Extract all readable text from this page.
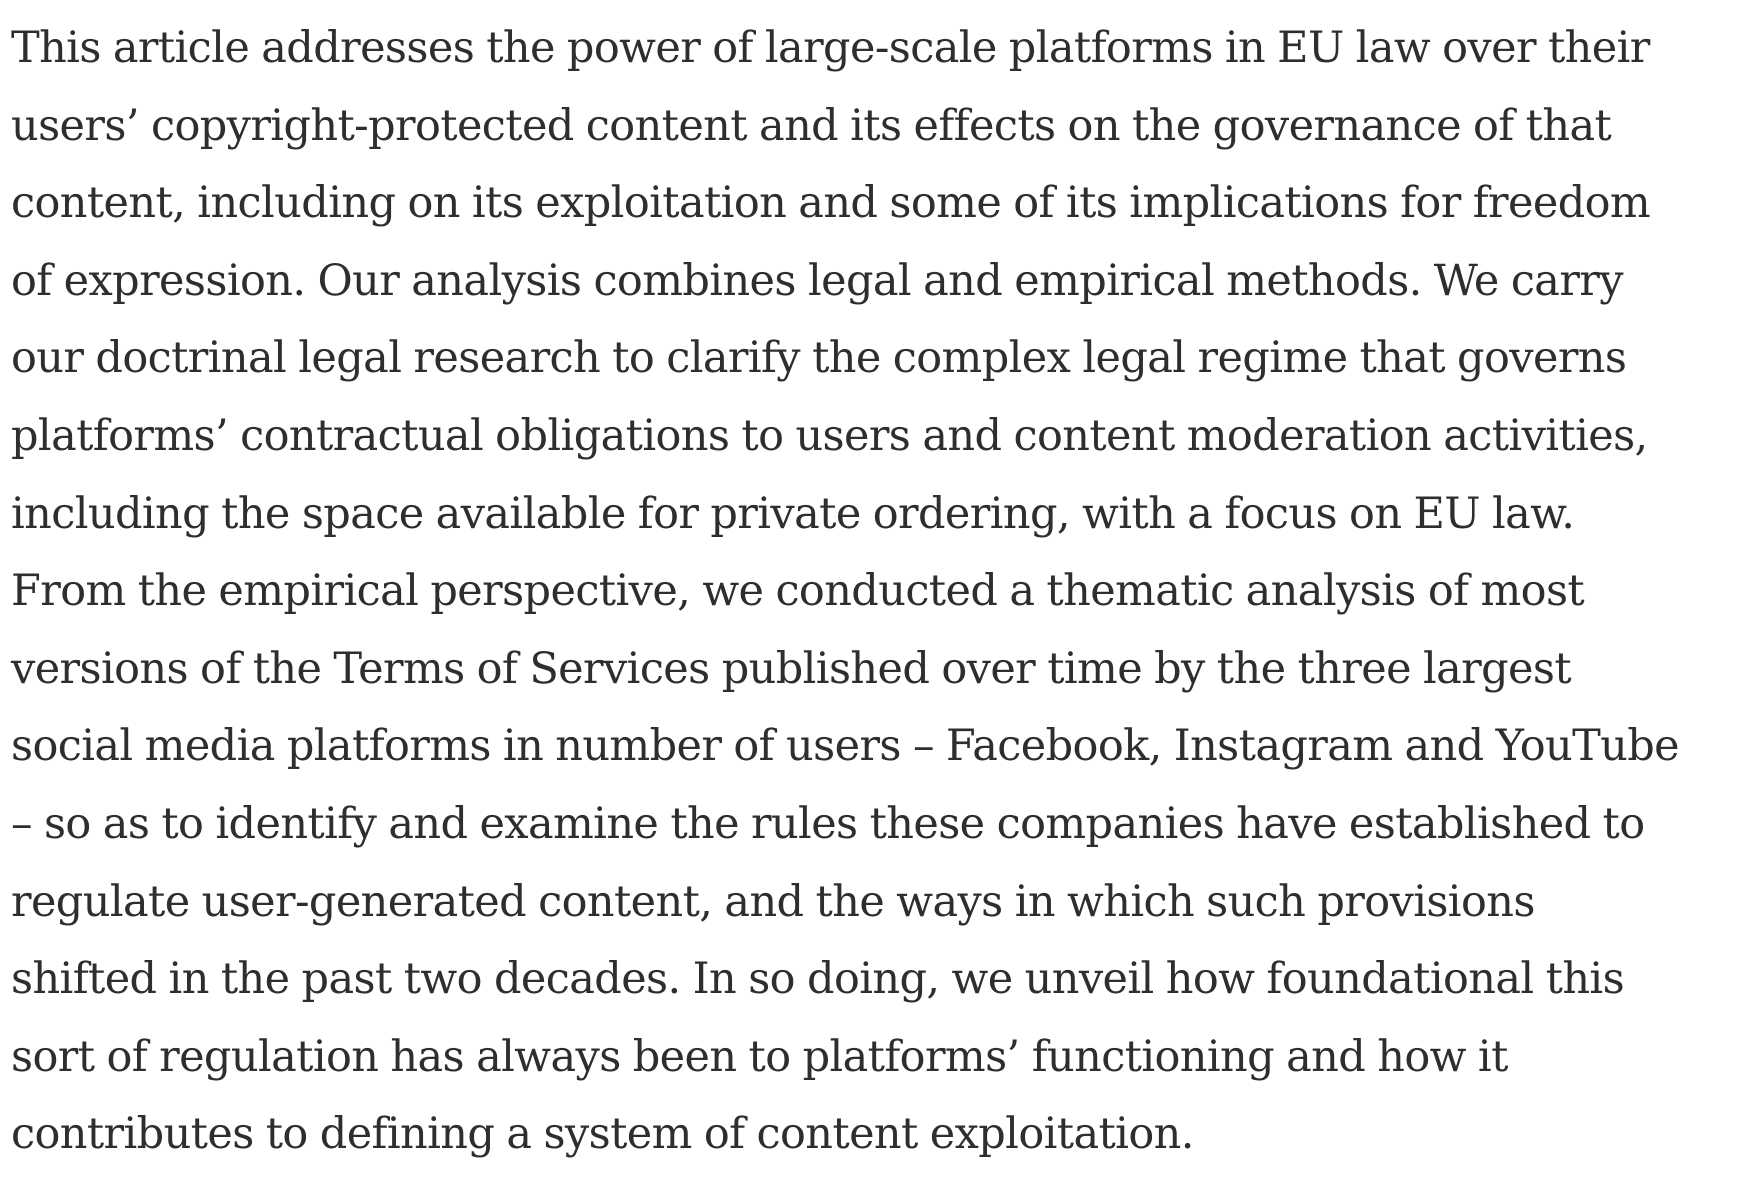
This article addresses the power of large-scale platforms in EU law over their
users’ copyright-protected content and its effects on the governance of that
content, including on its exploitation and some of its implications for freedom
of expression. Our analysis combines legal and empirical methods. We carry
our doctrinal legal research to clarify the complex legal regime that governs
platforms’ contractual obligations to users and content moderation activities,
including the space available for private ordering, with a focus on EU law.
From the empirical perspective, we conducted a thematic analysis of most
versions of the Terms of Services published over time by the three largest
social media platforms in number of users – Facebook, Instagram and YouTube
– so as to identify and examine the rules these companies have established to
regulate user-generated content, and the ways in which such provisions
shifted in the past two decades. In so doing, we unveil how foundational this
sort of regulation has always been to platforms’ functioning and how it
contributes to defining a system of content exploitation.
